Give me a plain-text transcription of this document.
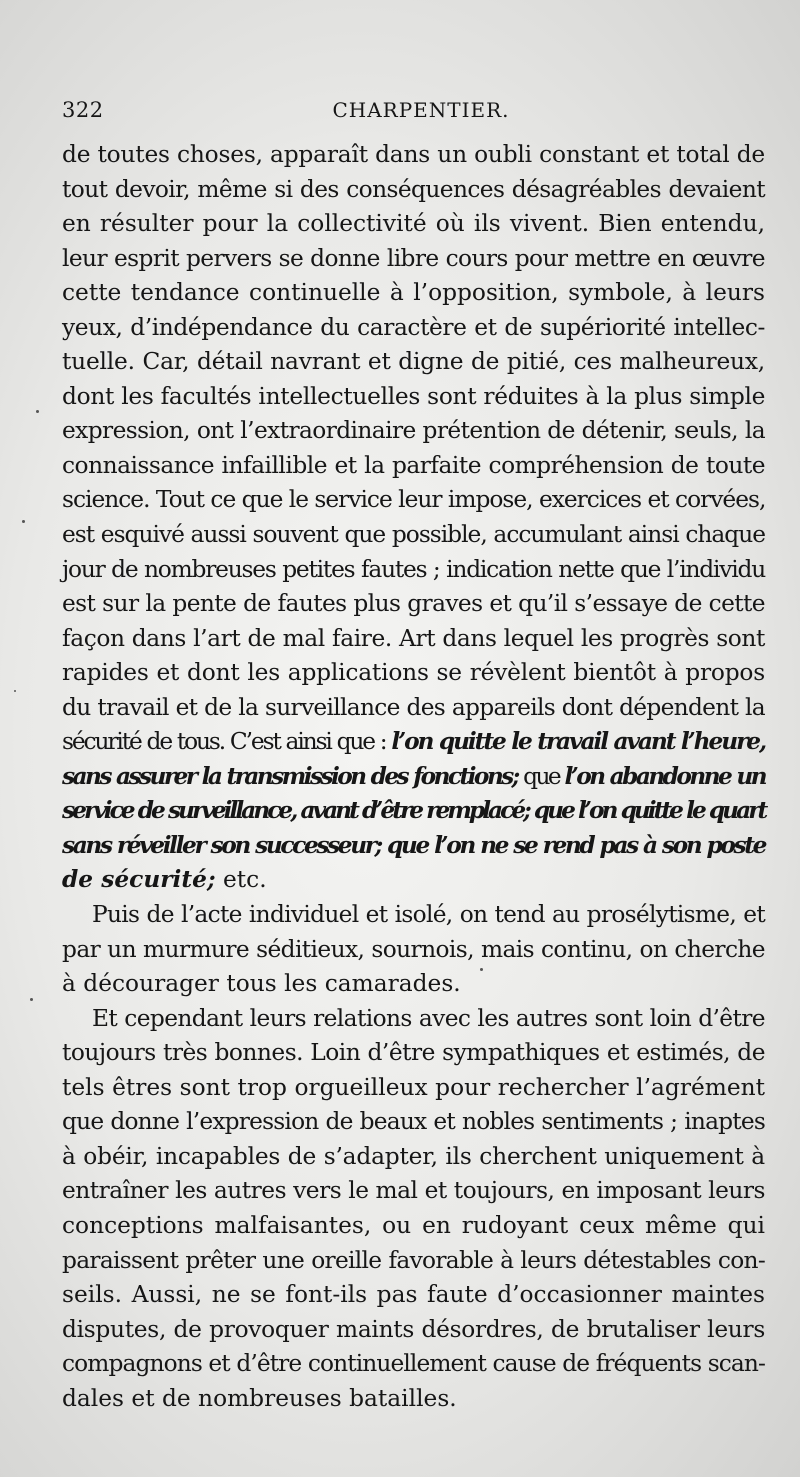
322	CHARPENTIER.

de toutes choses, apparaît dans un oubli constant et total de
tout devoir, même si des conséquences désagréables devaient
en résulter pour la collectivité où ils vivent. Bien entendu,
leur esprit pervers se donne libre cours pour mettre en œuvre
cette tendance continuelle à l’opposition, symbole, à leurs
yeux, d’indépendance du caractère et de supériorité intellec-
tuelle. Car, détail navrant et digne de pitié, ces malheureux,
dont les facultés intellectuelles sont réduites à la plus simple
expression, ont l’extraordinaire prétention de détenir, seuls, la
connaissance infaillible et la parfaite compréhension de toute
science. Tout ce que le service leur impose, exercices et corvées,
est esquivé aussi souvent que possible, accumulant ainsi chaque
jour de nombreuses petites fautes ; indication nette que l’individu
est sur la pente de fautes plus graves et qu’il s’essaye de cette
façon dans l’art de mal faire. Art dans lequel les progrès sont
rapides et dont les applications se révèlent bientôt à propos
du travail et de la surveillance des appareils dont dépendent la
sécurité de tous. C’est ainsi que : l’on quitte le travail avant l’heure,
sans assurer la transmission des fonctions; que l’on abandonne un
service de surveillance, avant d’être remplacé; que l’on quitte le quart
sans réveiller son successeur; que l’on ne se rend pas à son poste
de sécurité; etc.

Puis de l’acte individuel et isolé, on tend au prosélytisme, et
par un murmure séditieux, sournois, mais continu, on cherche
à décourager tous les camarades.

Et cependant leurs relations avec les autres sont loin d’être
toujours très bonnes. Loin d’être sympathiques et estimés, de
tels êtres sont trop orgueilleux pour rechercher l’agrément
que donne l’expression de beaux et nobles sentiments ; inaptes
à obéir, incapables de s’adapter, ils cherchent uniquement à
entraîner les autres vers le mal et toujours, en imposant leurs
conceptions malfaisantes, ou en rudoyant ceux même qui
paraissent prêter une oreille favorable à leurs détestables con-
seils. Aussi, ne se font-ils pas faute d’occasionner maintes
disputes, de provoquer maints désordres, de brutaliser leurs
compagnons et d’être continuellement cause de fréquents scan-
dales et de nombreuses batailles.
